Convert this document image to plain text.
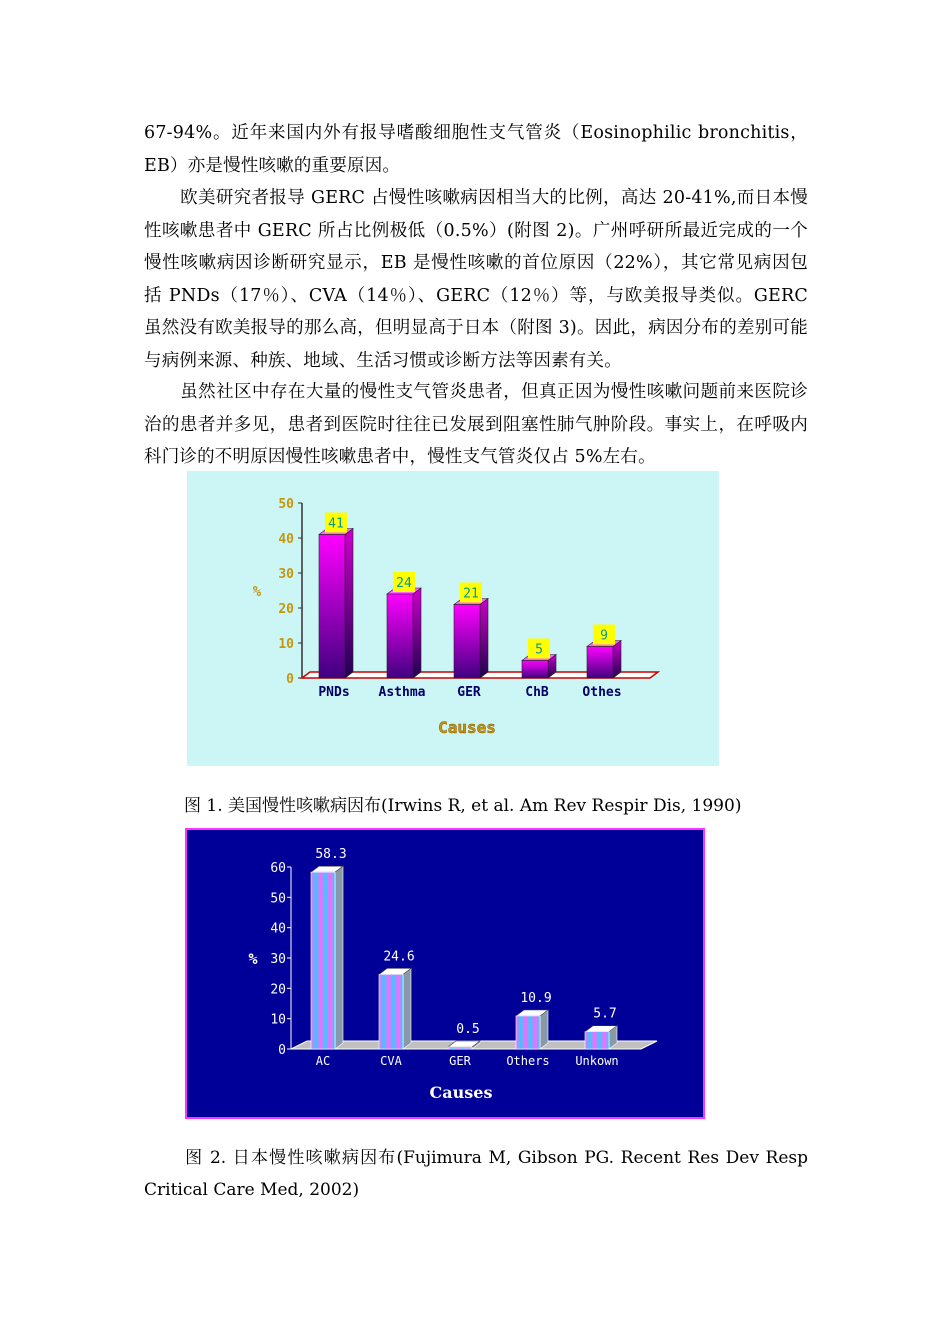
67-94%。近年来国内外有报导嗜酸细胞性支气管炎（Eosinophilic bronchitis，EB）亦是慢性咳嗽的重要原因。

欧美研究者报导 GERC 占慢性咳嗽病因相当大的比例，高达 20-41%,而日本慢性咳嗽患者中 GERC 所占比例极低（0.5%）(附图 2)。广州呼研所最近完成的一个慢性咳嗽病因诊断研究显示，EB 是慢性咳嗽的首位原因（22%），其它常见病因包括 PNDs（17％）、CVA（14％）、GERC（12％）等，与欧美报导类似。GERC 虽然没有欧美报导的那么高，但明显高于日本（附图 3)。因此，病因分布的差别可能与病例来源、种族、地域、生活习惯或诊断方法等因素有关。

虽然社区中存在大量的慢性支气管炎患者，但真正因为慢性咳嗽问题前来医院诊治的患者并多见，患者到医院时往往已发展到阻塞性肺气肿阶段。事实上，在呼吸内科门诊的不明原因慢性咳嗽患者中，慢性支气管炎仅占 5%左右。

0
10
20
30
40
50
41
PNDs
24
Asthma
21
GER
5
ChB
9
Othes
%
Causes

图 1. 美国慢性咳嗽病因布(Irwins R, et al. Am Rev Respir Dis, 1990)

0
10
20
30
40
50
60
58.3
AC
24.6
CVA
0.5
GER
10.9
Others
5.7
Unkown
%
Causes

图 2. 日本慢性咳嗽病因布(Fujimura M, Gibson PG. Recent Res Dev Resp Critical Care Med, 2002)
